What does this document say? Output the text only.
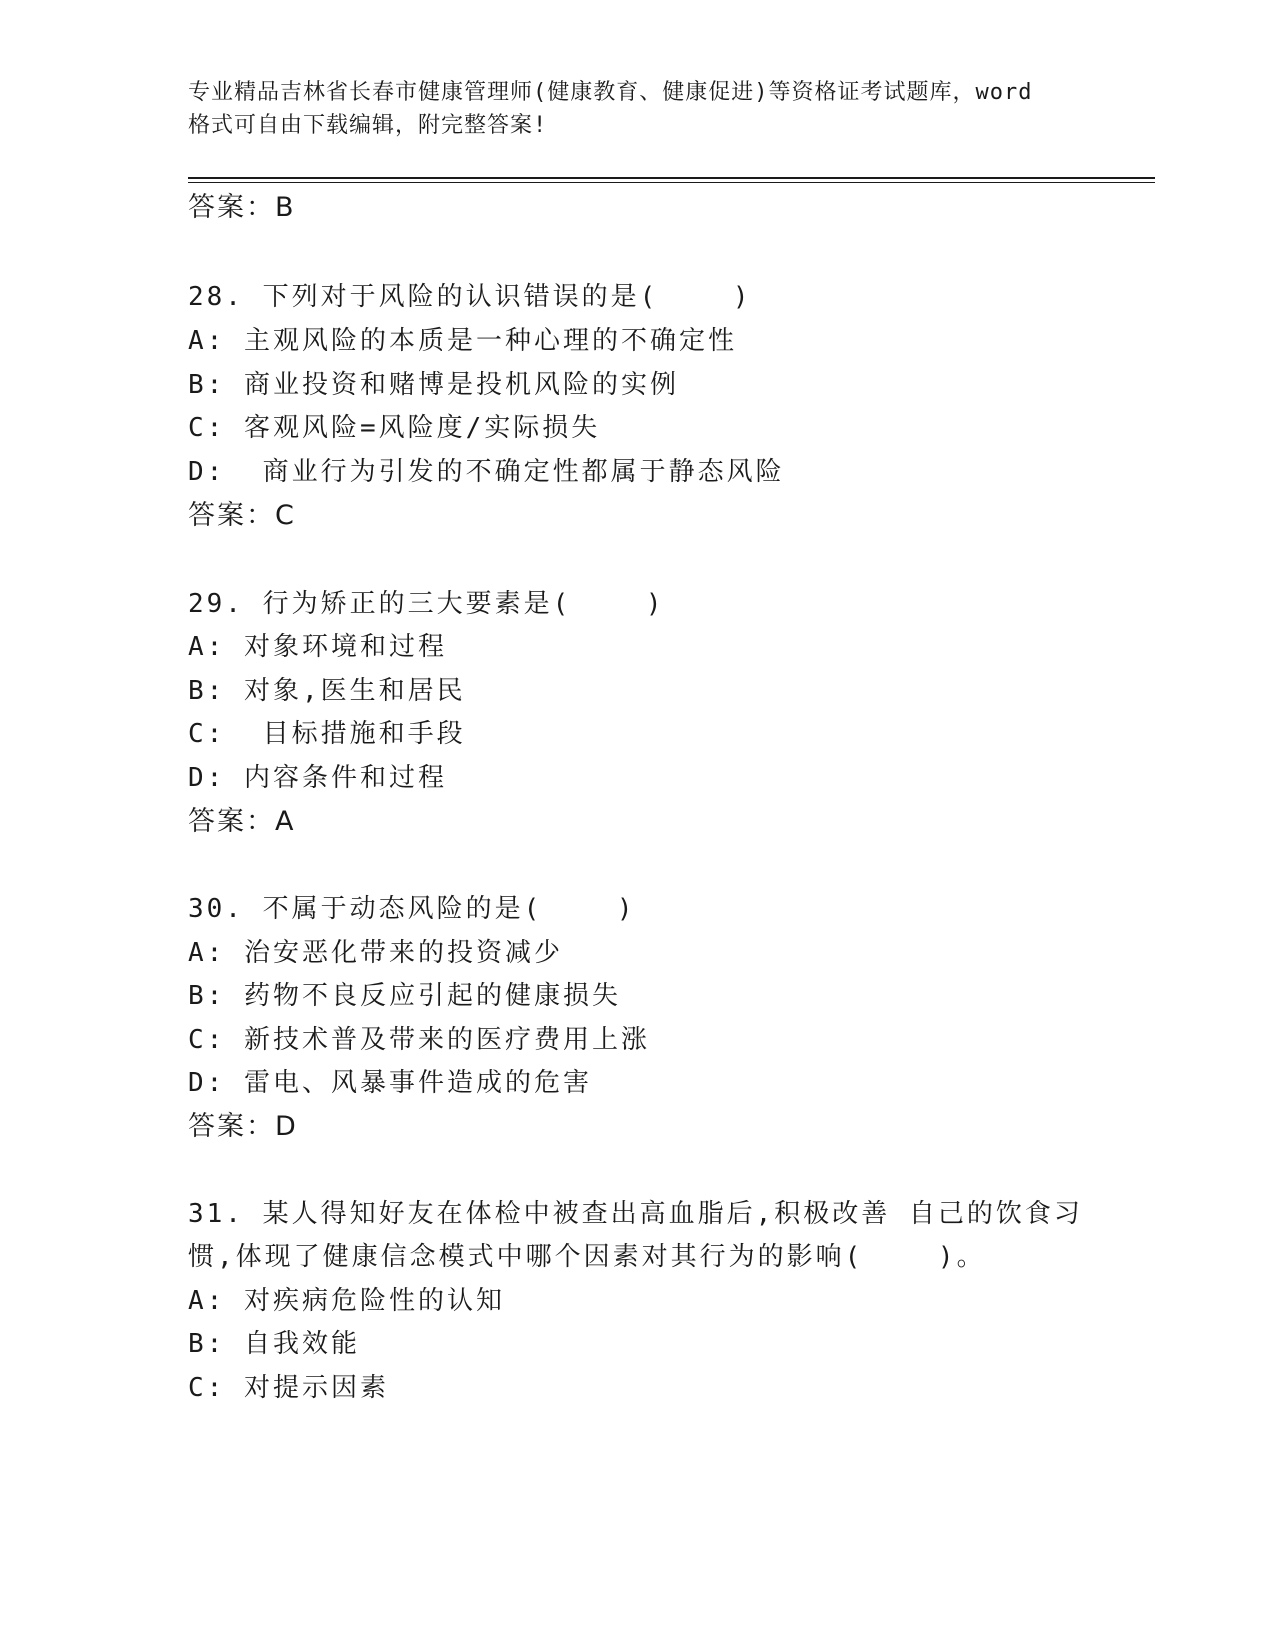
专业精品吉林省长春市健康管理师(健康教育、健康促进)等资格证考试题库，word
格式可自由下载编辑，附完整答案!
答案：B
28. 下列对于风险的认识错误的是(    )
A: 主观风险的本质是一种心理的不确定性
B: 商业投资和赌博是投机风险的实例
C: 客观风险=风险度/实际损失
D:  商业行为引发的不确定性都属于静态风险
答案：C
29. 行为矫正的三大要素是(    )
A: 对象环境和过程
B: 对象,医生和居民
C:  目标措施和手段
D: 内容条件和过程
答案：A
30. 不属于动态风险的是(    )
A: 治安恶化带来的投资减少
B: 药物不良反应引起的健康损失
C: 新技术普及带来的医疗费用上涨
D: 雷电、风暴事件造成的危害
答案：D
31. 某人得知好友在体检中被查出高血脂后,积极改善 自己的饮食习
惯,体现了健康信念模式中哪个因素对其行为的影响(    )。
A: 对疾病危险性的认知
B: 自我效能
C: 对提示因素
